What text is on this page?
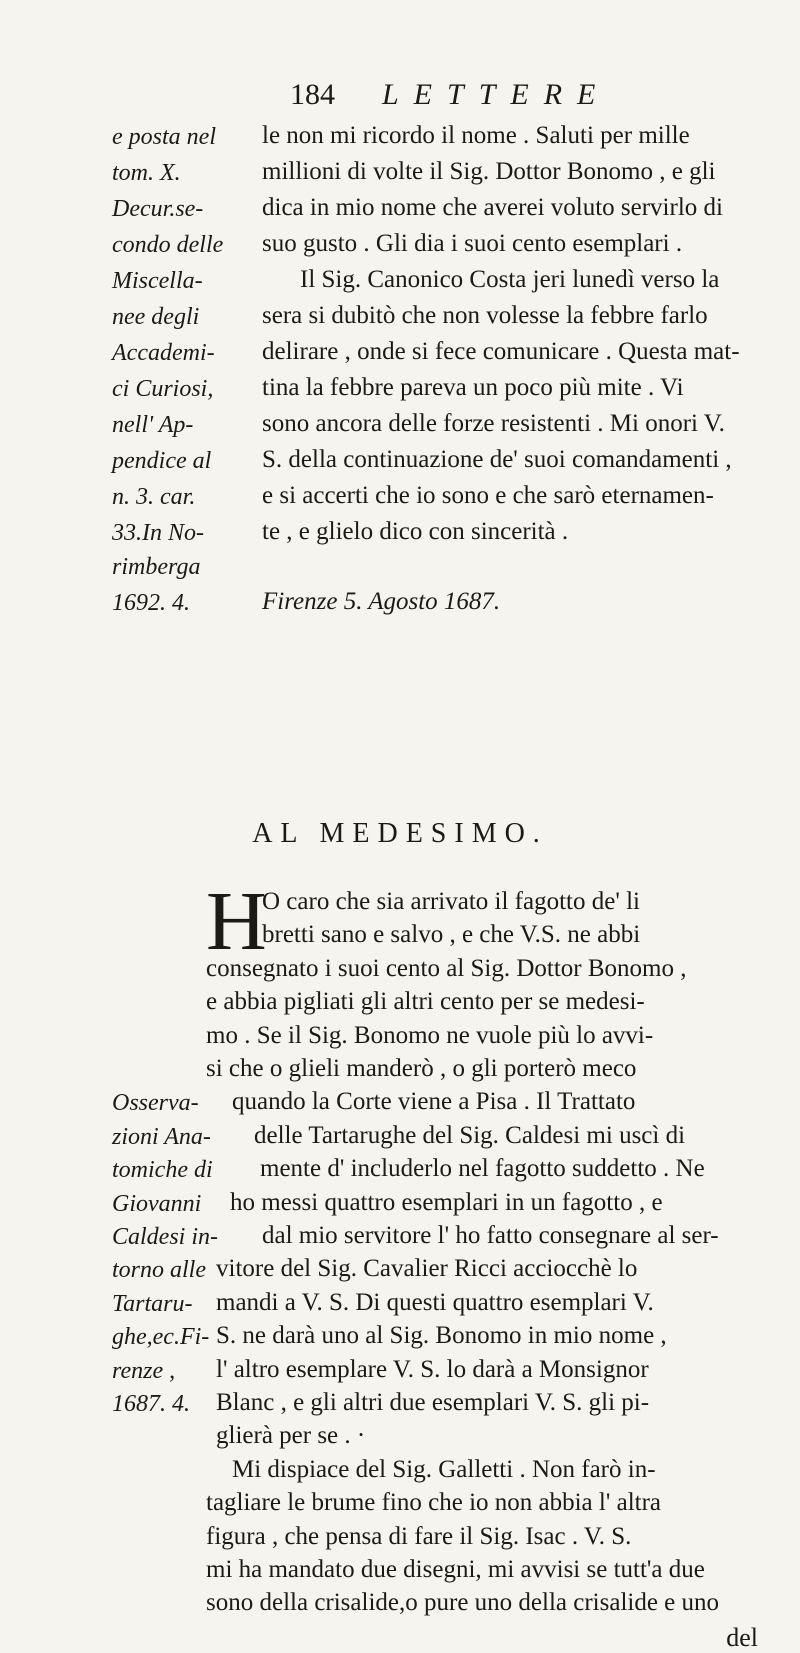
184 LETTERE
e posta nel le non mi ricordo il nome . Saluti per mille
tom. X.	millioni di volte il Sig. Dottor Bonomo , e gli
Decur.se- dica in mio nome che averei voluto servirlo di
condo delle suo gusto . Gli dia i suoi cento esemplari .
Miscella-	Il Sig. Canonico Costa jeri lunedì verso la
nee degli	sera si dubitò che non volesse la febbre farlo
Accademi- delirare , onde si fece comunicare . Questa mat-
ci Curiosi, tina la febbre pareva un poco più mite . Vi
nell' Ap-	sono ancora delle forze resistenti . Mi onori V.
pendice al S. della continuazione de' suoi comandamenti ,
n. 3. car.	e si accerti che io sono e che sarò eternamen-
33.In No- te , e glielo dico con sincerità .
rimberga
1692. 4.	Firenze 5. Agosto 1687.
AL MEDESIMO.
H
O caro che sia arrivato il fagotto de' li
bretti sano e salvo , e che V.S. ne abbi
consegnato i suoi cento al Sig. Dottor Bonomo ,
e abbia pigliati gli altri cento per se medesi-
mo . Se il Sig. Bonomo ne vuole più lo avvi-
si che o glieli manderò , o gli porterò meco
Osserva- quando la Corte viene a Pisa . Il Trattato
zioni Ana- delle Tartarughe del Sig. Caldesi mi uscì di
tomiche di mente d' includerlo nel fagotto suddetto . Ne
Giovanni ho messi quattro esemplari in un fagotto , e
Caldesi in- dal mio servitore l' ho fatto consegnare al ser-
torno alle vitore del Sig. Cavalier Ricci acciocchè lo
Tartaru- mandi a V. S. Di questi quattro esemplari V.
ghe,ec.Fi- S. ne darà uno al Sig. Bonomo in mio nome ,
renze , l' altro esemplare V. S. lo darà a Monsignor
1687. 4. Blanc , e gli altri due esemplari V. S. gli pi-
glierà per se . ·
Mi dispiace del Sig. Galletti . Non farò in-
tagliare le brume fino che io non abbia l' altra
figura , che pensa di fare il Sig. Isac . V. S.
mi ha mandato due disegni, mi avvisi se tutt'a due
sono della crisalide,o pure uno della crisalide e uno
del
